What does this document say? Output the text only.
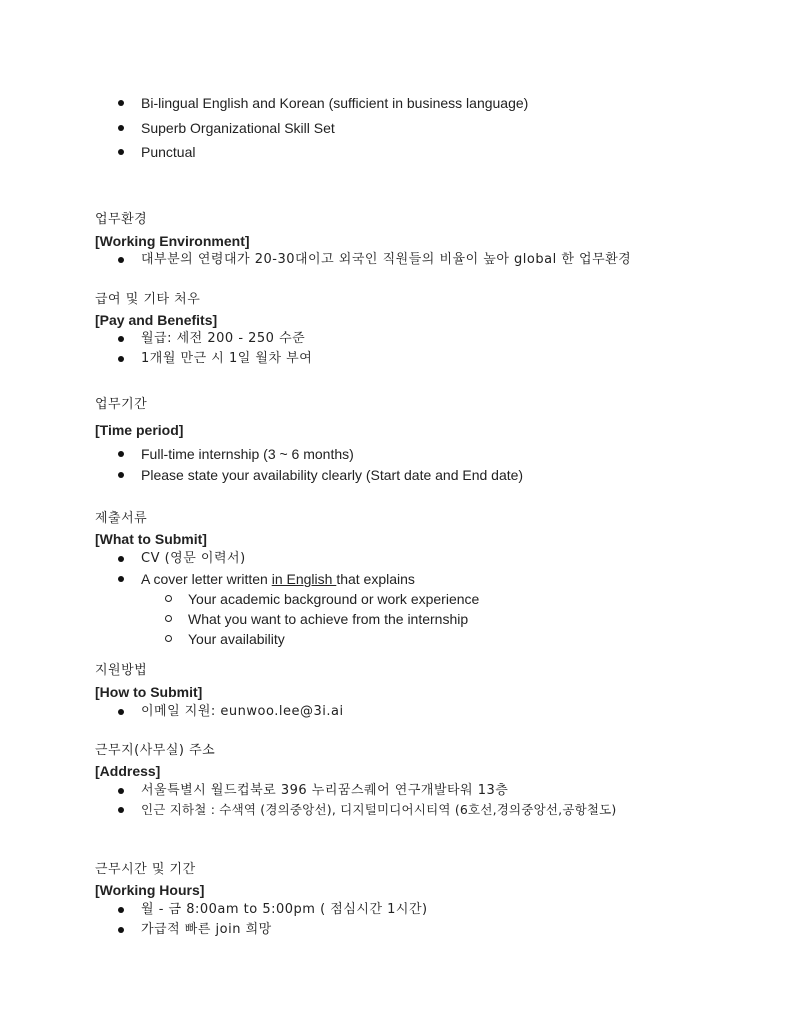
Bi-lingual English and Korean (sufficient in business language)
Superb Organizational Skill Set
Punctual
업무환경
[Working Environment]
대부분의 연령대가 20-30대이고 외국인 직원들의 비율이 높아 global 한 업무환경
급여 및 기타 처우
[Pay and Benefits]
월급: 세전 200 - 250 수준
1개월 만근 시 1일 월차 부여
업무기간
[Time period]
Full-time internship (3 ~ 6 months)
Please state your availability clearly (Start date and End date)
제출서류
[What to Submit]
CV (영문 이력서)
A cover letter written in English that explains
Your academic background or work experience
What you want to achieve from the internship
Your availability
지원방법
[How to Submit]
이메일 지원: eunwoo.lee@3i.ai
근무지(사무실) 주소
[Address]
서울특별시 월드컵북로 396 누리꿈스퀘어 연구개발타워 13층
인근 지하철 : 수색역 (경의중앙선), 디지털미디어시티역 (6호선,경의중앙선,공항철도)
근무시간 및 기간
[Working Hours]
월 - 금 8:00am to 5:00pm ( 점심시간 1시간)
가급적 빠른 join 희망
